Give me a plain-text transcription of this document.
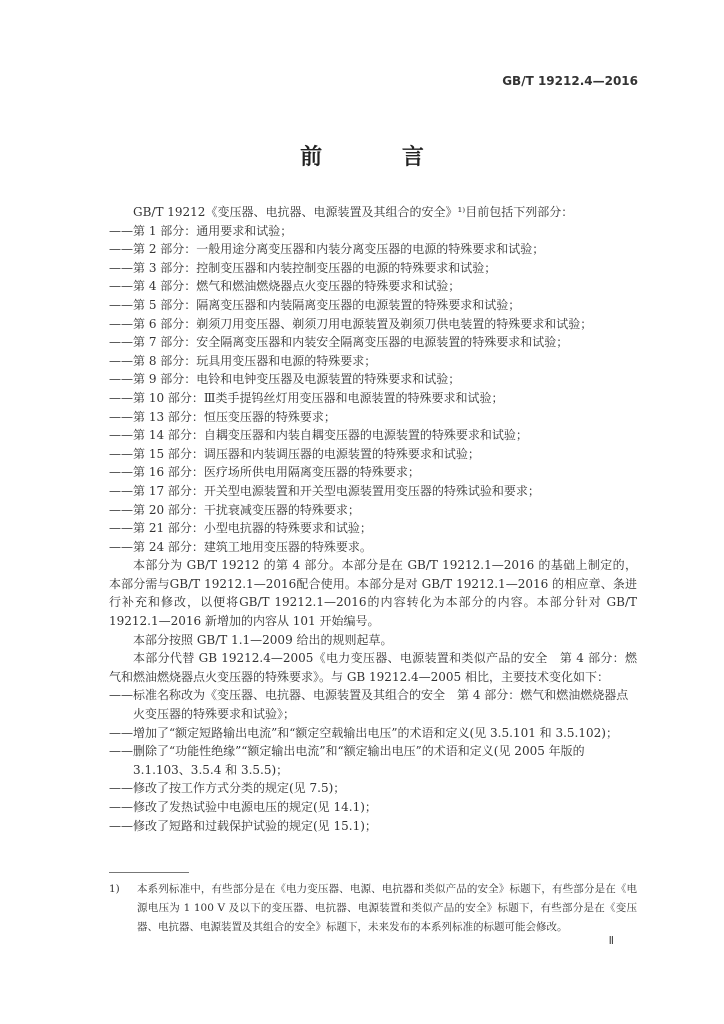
GB/T 19212.4—2016
前 言

GB/T 19212《变压器、电抗器、电源装置及其组合的安全》¹⁾目前包括下列部分：

——第 1 部分：通用要求和试验；

——第 2 部分：一般用途分离变压器和内装分离变压器的电源的特殊要求和试验；

——第 3 部分：控制变压器和内装控制变压器的电源的特殊要求和试验；

——第 4 部分：燃气和燃油燃烧器点火变压器的特殊要求和试验；

——第 5 部分：隔离变压器和内装隔离变压器的电源装置的特殊要求和试验；

——第 6 部分：剃须刀用变压器、剃须刀用电源装置及剃须刀供电装置的特殊要求和试验；

——第 7 部分：安全隔离变压器和内装安全隔离变压器的电源装置的特殊要求和试验；

——第 8 部分：玩具用变压器和电源的特殊要求；

——第 9 部分：电铃和电钟变压器及电源装置的特殊要求和试验；

——第 10 部分：Ⅲ类手提钨丝灯用变压器和电源装置的特殊要求和试验；

——第 13 部分：恒压变压器的特殊要求；

——第 14 部分：自耦变压器和内装自耦变压器的电源装置的特殊要求和试验；

——第 15 部分：调压器和内装调压器的电源装置的特殊要求和试验；

——第 16 部分：医疗场所供电用隔离变压器的特殊要求；

——第 17 部分：开关型电源装置和开关型电源装置用变压器的特殊试验和要求；

——第 20 部分：干扰衰减变压器的特殊要求；

——第 21 部分：小型电抗器的特殊要求和试验；

——第 24 部分：建筑工地用变压器的特殊要求。

本部分为 GB/T 19212 的第 4 部分。本部分是在 GB/T 19212.1—2016 的基础上制定的，本部分需与GB/T 19212.1—2016配合使用。本部分是对 GB/T 19212.1—2016 的相应章、条进行补充和修改，以便将GB/T 19212.1—2016的内容转化为本部分的内容。本部分针对 GB/T 19212.1—2016 新增加的内容从 101 开始编号。

本部分按照 GB/T 1.1—2009 给出的规则起草。

本部分代替 GB 19212.4—2005《电力变压器、电源装置和类似产品的安全　第 4 部分：燃气和燃油燃烧器点火变压器的特殊要求》。与 GB 19212.4—2005 相比，主要技术变化如下：

——标准名称改为《变压器、电抗器、电源装置及其组合的安全　第 4 部分：燃气和燃油燃烧器点火变压器的特殊要求和试验》；

——增加了“额定短路输出电流”和“额定空载输出电压”的术语和定义(见 3.5.101 和 3.5.102)；

——删除了“功能性绝缘”“额定输出电流”和“额定输出电压”的术语和定义(见 2005 年版的 3.1.103、3.5.4 和 3.5.5)；

——修改了按工作方式分类的规定(见 7.5)；

——修改了发热试验中电源电压的规定(见 14.1)；

——修改了短路和过载保护试验的规定(见 15.1)；

1)	本系列标准中，有些部分是在《电力变压器、电源、电抗器和类似产品的安全》标题下，有些部分是在《电源电压为 1 100 V 及以下的变压器、电抗器、电源装置和类似产品的安全》标题下，有些部分是在《变压器、电抗器、电源装置及其组合的安全》标题下，未来发布的本系列标准的标题可能会修改。
Ⅱ
